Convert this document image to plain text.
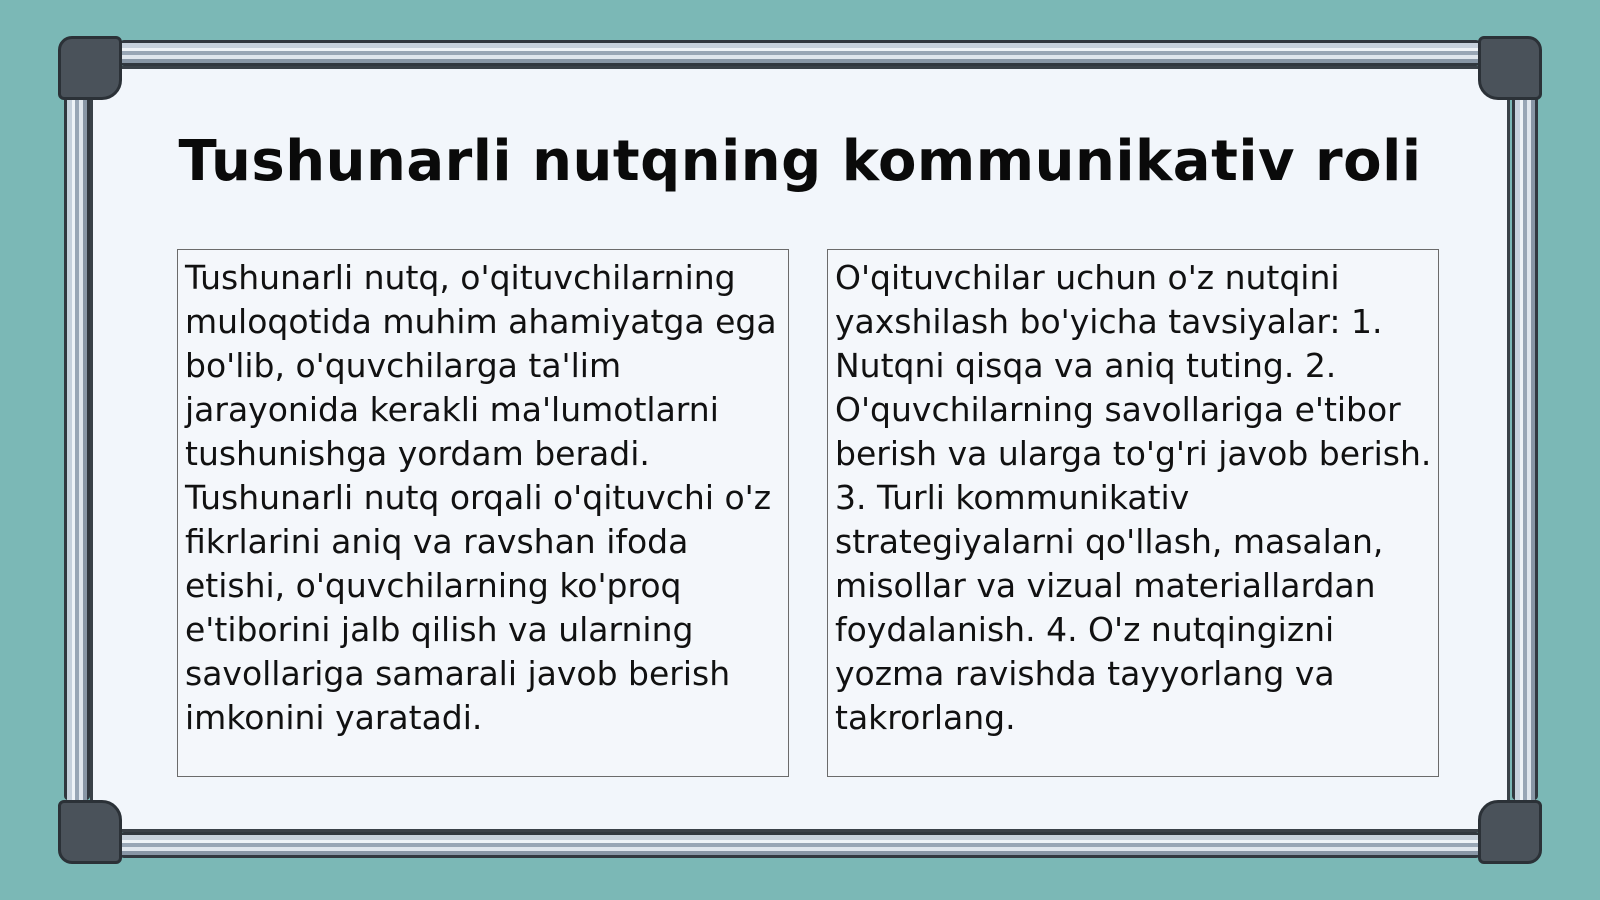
Tushunarli nutqning kommunikativ roli
Tushunarli nutq, o'qituvchilarning muloqotida muhim ahamiyatga ega bo'lib, o'quvchilarga ta'lim jarayonida kerakli ma'lumotlarni tushunishga yordam beradi. Tushunarli nutq orqali o'qituvchi o'z fikrlarini aniq va ravshan ifoda etishi, o'quvchilarning ko'proq e'tiborini jalb qilish va ularning savollariga samarali javob berish imkonini yaratadi.
O'qituvchilar uchun o'z nutqini yaxshilash bo'yicha tavsiyalar: 1. Nutqni qisqa va aniq tuting. 2. O'quvchilarning savollariga e'tibor berish va ularga to'g'ri javob berish. 3. Turli kommunikativ strategiyalarni qo'llash, masalan, misollar va vizual materiallardan foydalanish. 4. O'z nutqingizni yozma ravishda tayyorlang va takrorlang.
